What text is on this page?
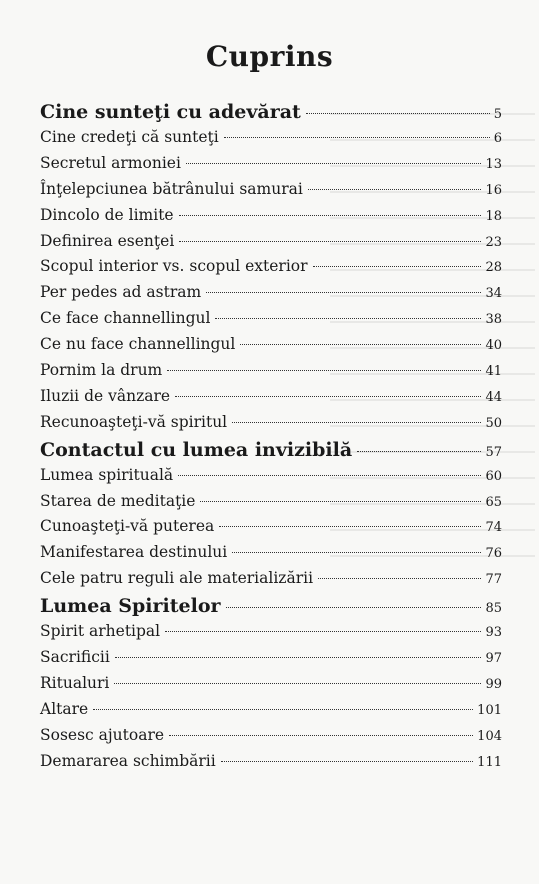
Cuprins
Cine sunteţi cu adevărat	5
Cine credeţi că sunteţi	6
Secretul armoniei	13
Înţelepciunea bătrânului samurai	16
Dincolo de limite	18
Definirea esenţei	23
Scopul interior vs. scopul exterior	28
Per pedes ad astram	34
Ce face channellingul	38
Ce nu face channellingul	40
Pornim la drum	41
Iluzii de vânzare	44
Recunoaşteţi-vă spiritul	50
Contactul cu lumea invizibilă	57
Lumea spirituală	60
Starea de meditaţie	65
Cunoaşteţi-vă puterea	74
Manifestarea destinului	76
Cele patru reguli ale materializării	77
Lumea Spiritelor	85
Spirit arhetipal	93
Sacrificii	97
Ritualuri	99
Altare	101
Sosesc ajutoare	104
Demararea schimbării	111
